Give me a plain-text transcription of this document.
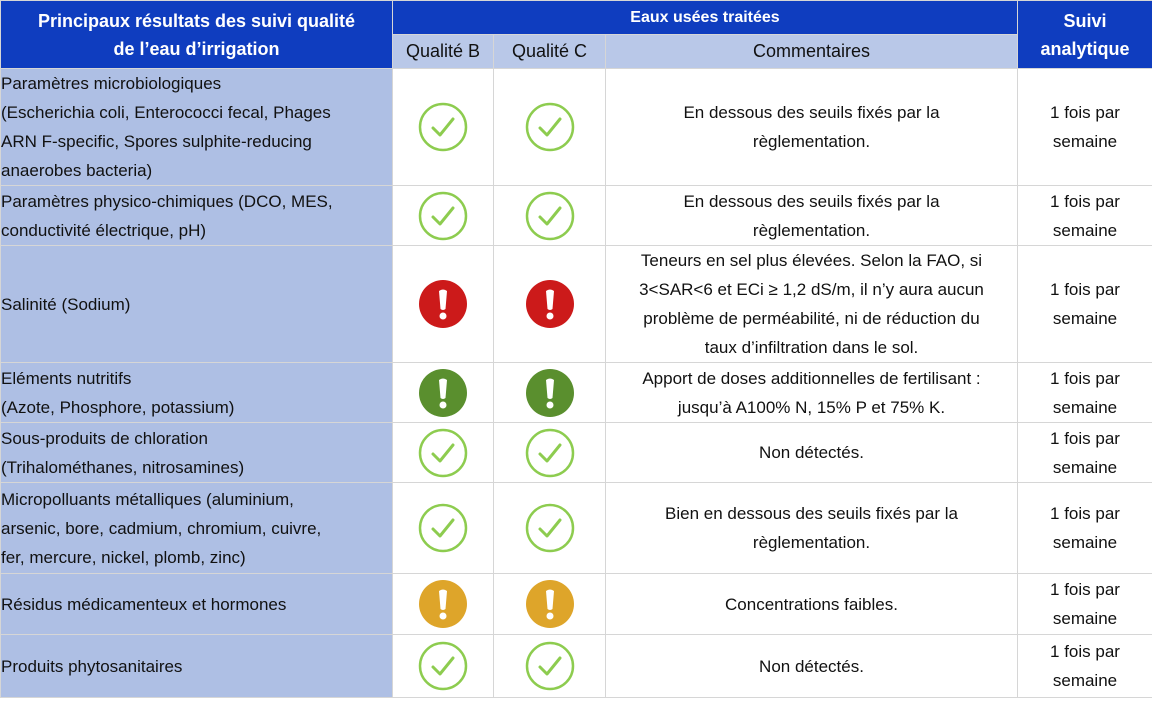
Principaux résultats des suivi qualité
de l’eau d’irrigation	Eaux usées traitées			Suivi
analytique

	Qualité B	Qualité C	Commentaires	

Paramètres microbiologiques
(Escherichia coli, Enterococci fecal, Phages
ARN F-specific, Spores sulphite-reducing
anaerobes bacteria)			En dessous des seuils fixés par la
règlementation.	1 fois par
semaine

Paramètres physico-chimiques (DCO, MES,
conductivité électrique, pH)			En dessous des seuils fixés par la
règlementation.	1 fois par
semaine

Salinité (Sodium)			Teneurs en sel plus élevées. Selon la FAO, si
3<SAR<6 et ECi ≥ 1,2 dS/m, il n’y aura aucun
problème de perméabilité, ni de réduction du
taux d’infiltration dans le sol.	1 fois par
semaine

Eléments nutritifs
(Azote, Phosphore, potassium)			Apport de doses additionnelles de fertilisant :
jusqu’à A100% N, 15% P et 75% K.	1 fois par
semaine

Sous-produits de chloration
(Trihalométhanes, nitrosamines)			Non détectés.	1 fois par
semaine

Micropolluants métalliques (aluminium,
arsenic, bore, cadmium, chromium, cuivre,
fer, mercure, nickel, plomb, zinc)			Bien en dessous des seuils fixés par la
règlementation.	1 fois par
semaine

Résidus médicamenteux et hormones			Concentrations faibles.	1 fois par
semaine

Produits phytosanitaires			Non détectés.	1 fois par
semaine
